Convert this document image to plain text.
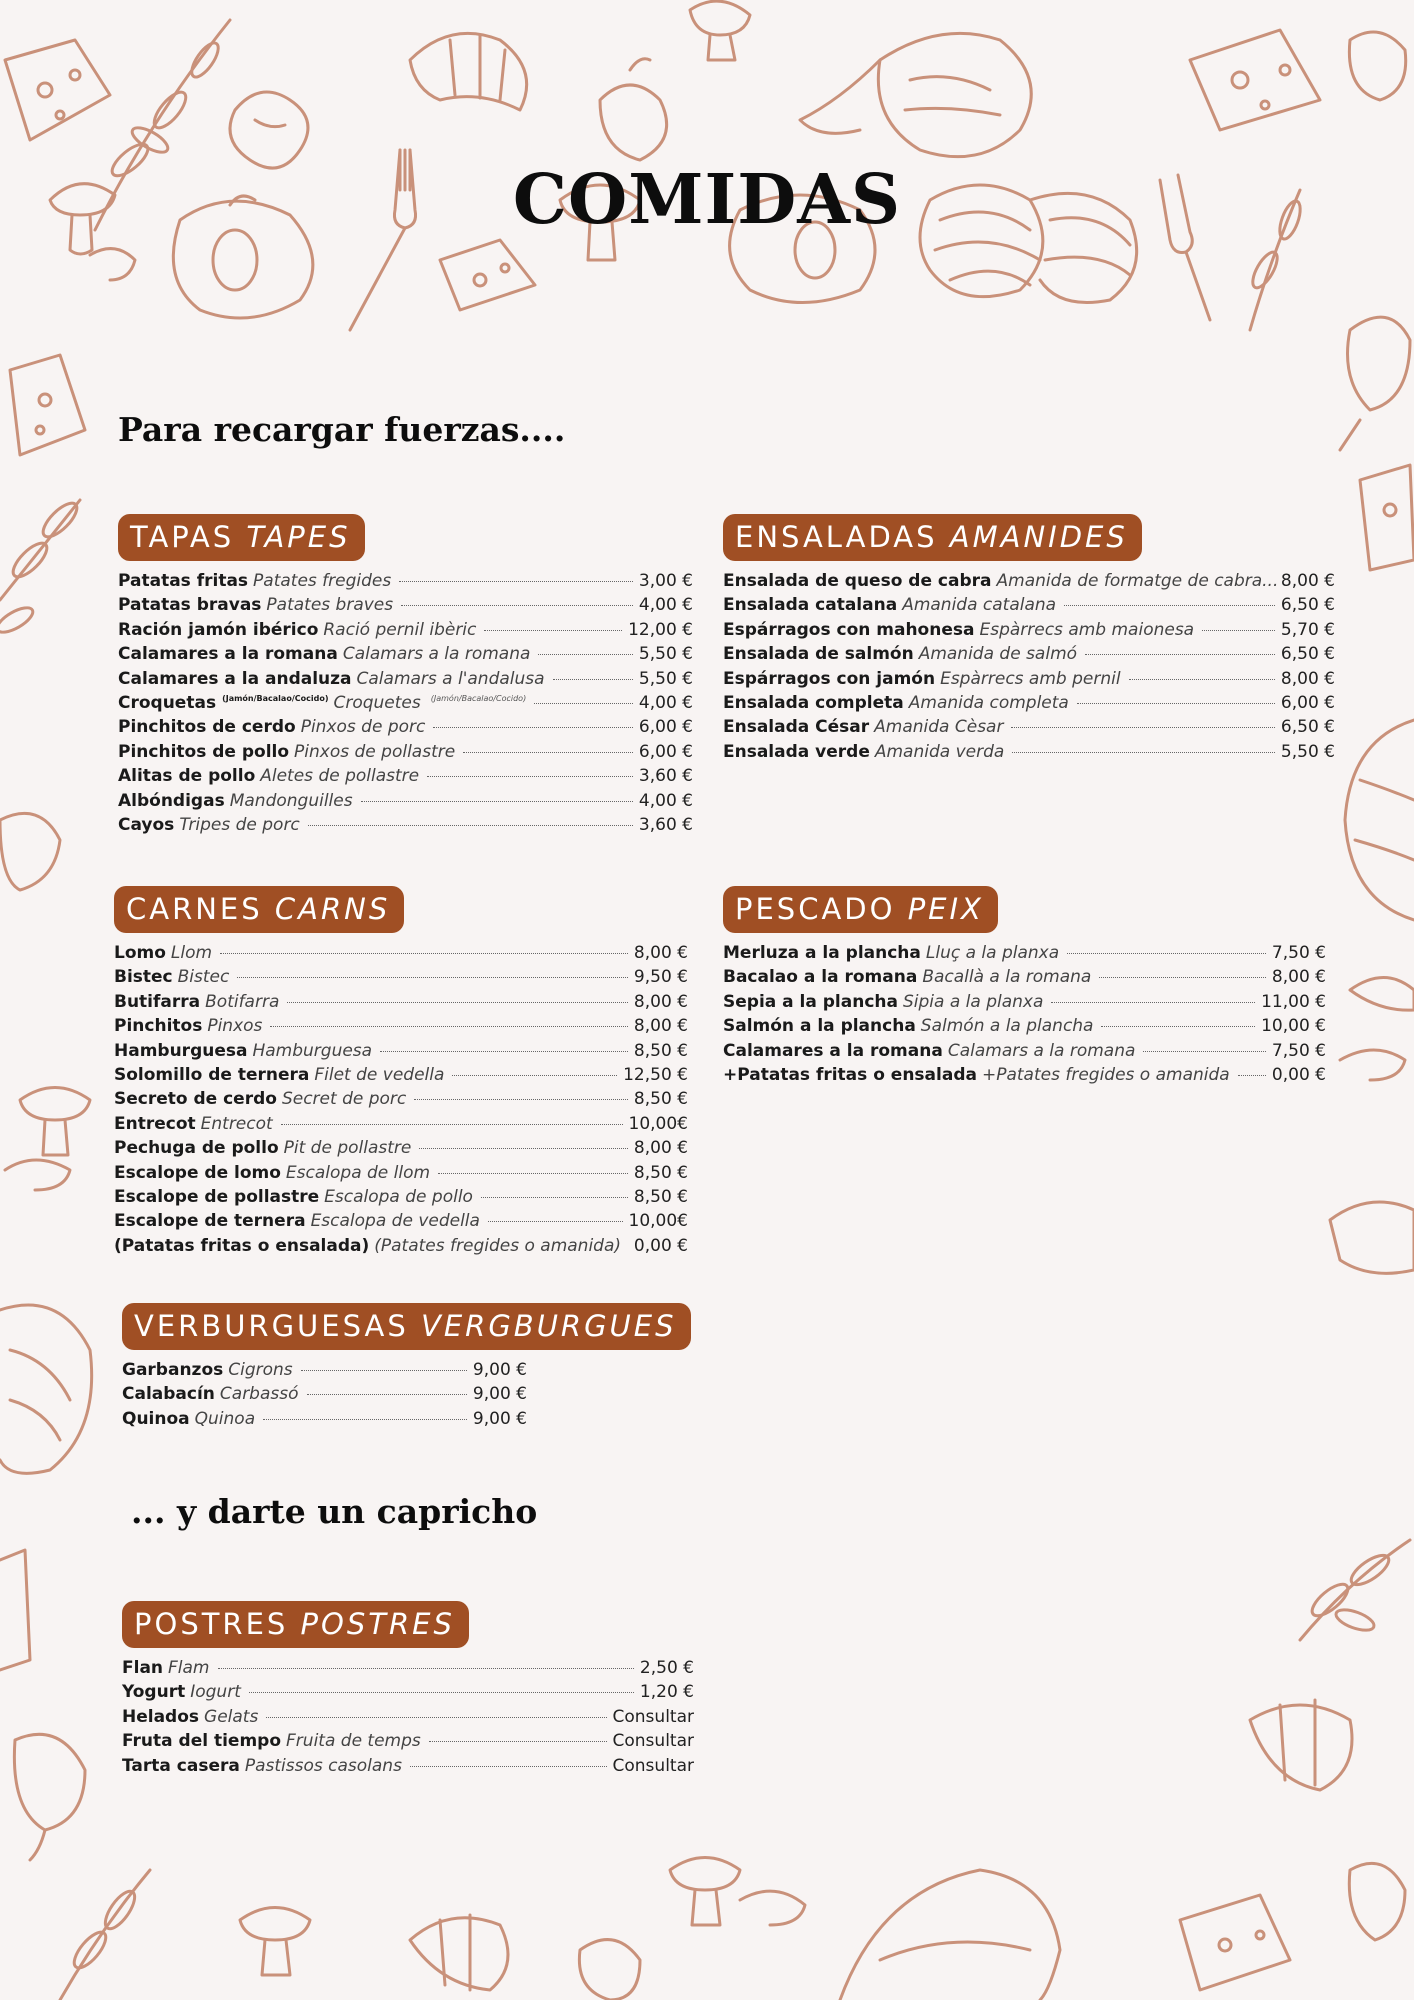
COMIDAS
Para recargar fuerzas....
... y darte un capricho
TAPAS TAPES
Patatas fritas Patates fregides	3,00 €
Patatas bravas Patates braves	4,00 €
Ración jamón ibérico Ració pernil ibèric	12,00 €
Calamares a la romana Calamars a la romana	5,50 €
Calamares a la andaluza Calamars a l'andalusa	5,50 €
Croquetas (Jamón/Bacalao/Cocido) Croquetes (Jamón/Bacalao/Cocido)	4,00 €
Pinchitos de cerdo Pinxos de porc	6,00 €
Pinchitos de pollo Pinxos de pollastre	6,00 €
Alitas de pollo Aletes de pollastre	3,60 €
Albóndigas Mandonguilles	4,00 €
Cayos Tripes de porc	3,60 €
ENSALADAS AMANIDES
Ensalada de queso de cabra Amanida de formatge de cabra... 8,00 €
Ensalada catalana Amanida catalana	6,50 €
Espárragos con mahonesa Espàrrecs amb maionesa	5,70 €
Ensalada de salmón Amanida de salmó	6,50 €
Espárragos con jamón Espàrrecs amb pernil	8,00 €
Ensalada completa Amanida completa	6,00 €
Ensalada César Amanida Cèsar	6,50 €
Ensalada verde Amanida verda	5,50 €
CARNES CARNS
Lomo Llom	8,00 €
Bistec Bistec	9,50 €
Butifarra Botifarra	8,00 €
Pinchitos Pinxos	8,00 €
Hamburguesa Hamburguesa	8,50 €
Solomillo de ternera Filet de vedella	12,50 €
Secreto de cerdo Secret de porc	8,50 €
Entrecot Entrecot	10,00€
Pechuga de pollo Pit de pollastre	8,00 €
Escalope de lomo Escalopa de llom	8,50 €
Escalope de pollastre Escalopa de pollo	8,50 €
Escalope de ternera Escalopa de vedella	10,00€
(Patatas fritas o ensalada) (Patates fregides o amanida) 0,00 €
PESCADO PEIX
Merluza a la plancha Lluç a la planxa	7,50 €
Bacalao a la romana Bacallà a la romana	8,00 €
Sepia a la plancha Sipia a la planxa	11,00 €
Salmón a la plancha Salmón a la plancha	10,00 €
Calamares a la romana Calamars a la romana	7,50 €
+Patatas fritas o ensalada +Patates fregides o amanida 0,00 €
VERBURGUESAS VERGBURGUES
Garbanzos Cigrons	9,00 €
Calabacín Carbassó	9,00 €
Quinoa Quinoa	9,00 €
POSTRES POSTRES
Flan Flam	2,50 €
Yogurt Iogurt	1,20 €
Helados Gelats	Consultar
Fruta del tiempo Fruita de temps	Consultar
Tarta casera Pastissos casolans	Consultar
